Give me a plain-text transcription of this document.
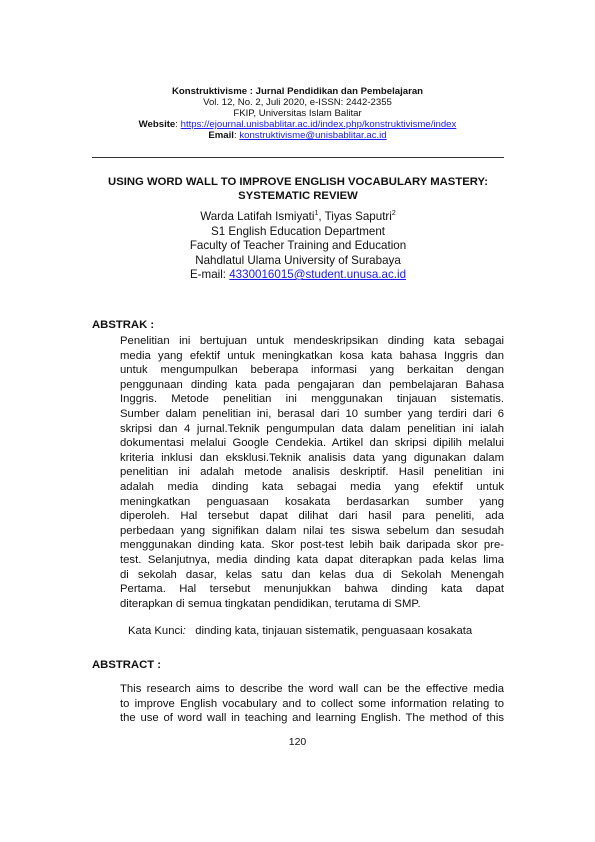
Konstruktivisme : Jurnal Pendidikan dan Pembelajaran
Vol. 12, No. 2, Juli 2020, e-ISSN: 2442-2355
FKIP, Universitas Islam Balitar
Website: https://ejournal.unisbablitar.ac.id/index.php/konstruktivisme/index
Email: konstruktivisme@unisbablitar.ac.id
USING WORD WALL TO IMPROVE ENGLISH VOCABULARY MASTERY:
SYSTEMATIC REVIEW
Warda Latifah Ismiyati$^1$, Tiyas Saputri$^2$
S1 English Education Department
Faculty of Teacher Training and Education
Nahdlatul Ulama University of Surabaya
E-mail: 4330016015@student.unusa.ac.id
ABSTRAK :

Penelitian ini bertujuan untuk mendeskripsikan dinding kata sebagai

media yang efektif untuk meningkatkan kosa kata bahasa Inggris dan

untuk mengumpulkan beberapa informasi yang berkaitan dengan

penggunaan dinding kata pada pengajaran dan pembelajaran Bahasa

Inggris. Metode penelitian ini menggunakan tinjauan sistematis.

Sumber dalam penelitian ini, berasal dari 10 sumber yang terdiri dari 6

skripsi dan 4 jurnal.Teknik pengumpulan data dalam penelitian ini ialah

dokumentasi melalui Google Cendekia. Artikel dan skripsi dipilih melalui

kriteria inklusi dan eksklusi.Teknik analisis data yang digunakan dalam

penelitian ini adalah metode analisis deskriptif. Hasil penelitian ini

adalah media dinding kata sebagai media yang efektif untuk

meningkatkan penguasaan kosakata berdasarkan sumber yang

diperoleh. Hal tersebut dapat dilihat dari hasil para peneliti, ada

perbedaan yang signifikan dalam nilai tes siswa sebelum dan sesudah

menggunakan dinding kata. Skor post-test lebih baik daripada skor pre-

test. Selanjutnya, media dinding kata dapat diterapkan pada kelas lima

di sekolah dasar, kelas satu dan kelas dua di Sekolah Menengah

Pertama. Hal tersebut menunjukkan bahwa dinding kata dapat

diterapkan di semua tingkatan pendidikan, terutama di SMP.

Kata Kunci: dinding kata, tinjauan sistematik, penguasaan kosakata
ABSTRACT :

This research aims to describe the word wall can be the effective media

to improve English vocabulary and to collect some information relating to

the use of word wall in teaching and learning English. The method of this

120
